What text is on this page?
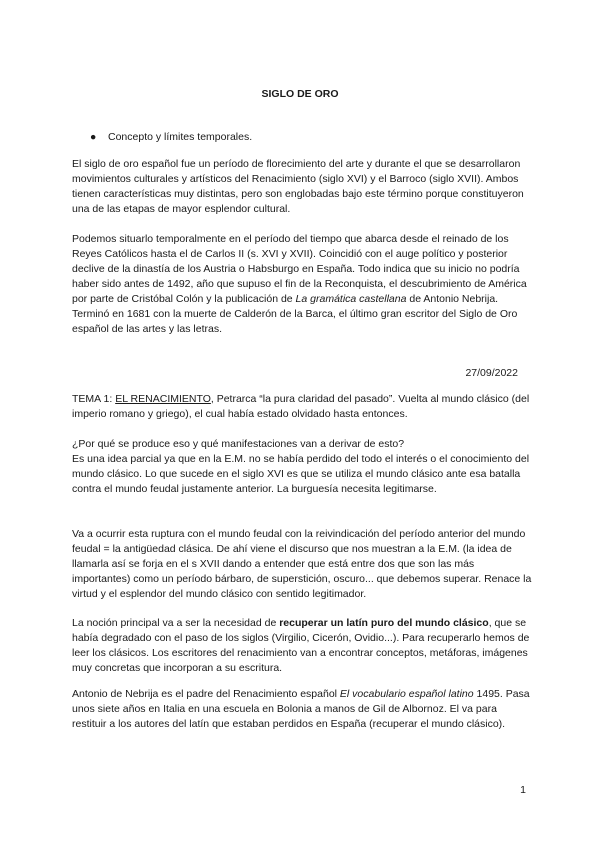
SIGLO DE ORO
● Concepto y límites temporales.

El siglo de oro español fue un período de florecimiento del arte y durante el que se desarrollaron movimientos culturales y artísticos del Renacimiento (siglo XVI) y el Barroco (siglo XVII). Ambos tienen características muy distintas, pero son englobadas bajo este término porque constituyeron una de las etapas de mayor esplendor cultural.

Podemos situarlo temporalmente en el período del tiempo que abarca desde el reinado de los Reyes Católicos hasta el de Carlos II (s. XVI y XVII). Coincidió con el auge político y posterior declive de la dinastía de los Austria o Habsburgo en España. Todo indica que su inicio no podría haber sido antes de 1492, año que supuso el fin de la Reconquista, el descubrimiento de América por parte de Cristóbal Colón y la publicación de La gramática castellana de Antonio Nebrija. Terminó en 1681 con la muerte de Calderón de la Barca, el último gran escritor del Siglo de Oro español de las artes y las letras.

27/09/2022

TEMA 1: EL RENACIMIENTO, Petrarca “la pura claridad del pasado”. Vuelta al mundo clásico (del imperio romano y griego), el cual había estado olvidado hasta entonces.

¿Por qué se produce eso y qué manifestaciones van a derivar de esto?

Es una idea parcial ya que en la E.M. no se había perdido del todo el interés o el conocimiento del mundo clásico. Lo que sucede en el siglo XVI es que se utiliza el mundo clásico ante esa batalla contra el mundo feudal justamente anterior. La burguesía necesita legitimarse.

Va a ocurrir esta ruptura con el mundo feudal con la reivindicación del período anterior del mundo feudal = la antigüedad clásica. De ahí viene el discurso que nos muestran a la E.M. (la idea de llamarla así se forja en el s XVII dando a entender que está entre dos que son las más importantes) como un período bárbaro, de superstición, oscuro... que debemos superar. Renace la virtud y el esplendor del mundo clásico con sentido legitimador.

La noción principal va a ser la necesidad de recuperar un latín puro del mundo clásico, que se había degradado con el paso de los siglos (Virgilio, Cicerón, Ovidio...). Para recuperarlo hemos de leer los clásicos. Los escritores del renacimiento van a encontrar conceptos, metáforas, imágenes muy concretas que incorporan a su escritura.

Antonio de Nebrija es el padre del Renacimiento español El vocabulario español latino 1495. Pasa unos siete años en Italia en una escuela en Bolonia a manos de Gil de Albornoz. El va para restituir a los autores del latín que estaban perdidos en España (recuperar el mundo clásico).

1
